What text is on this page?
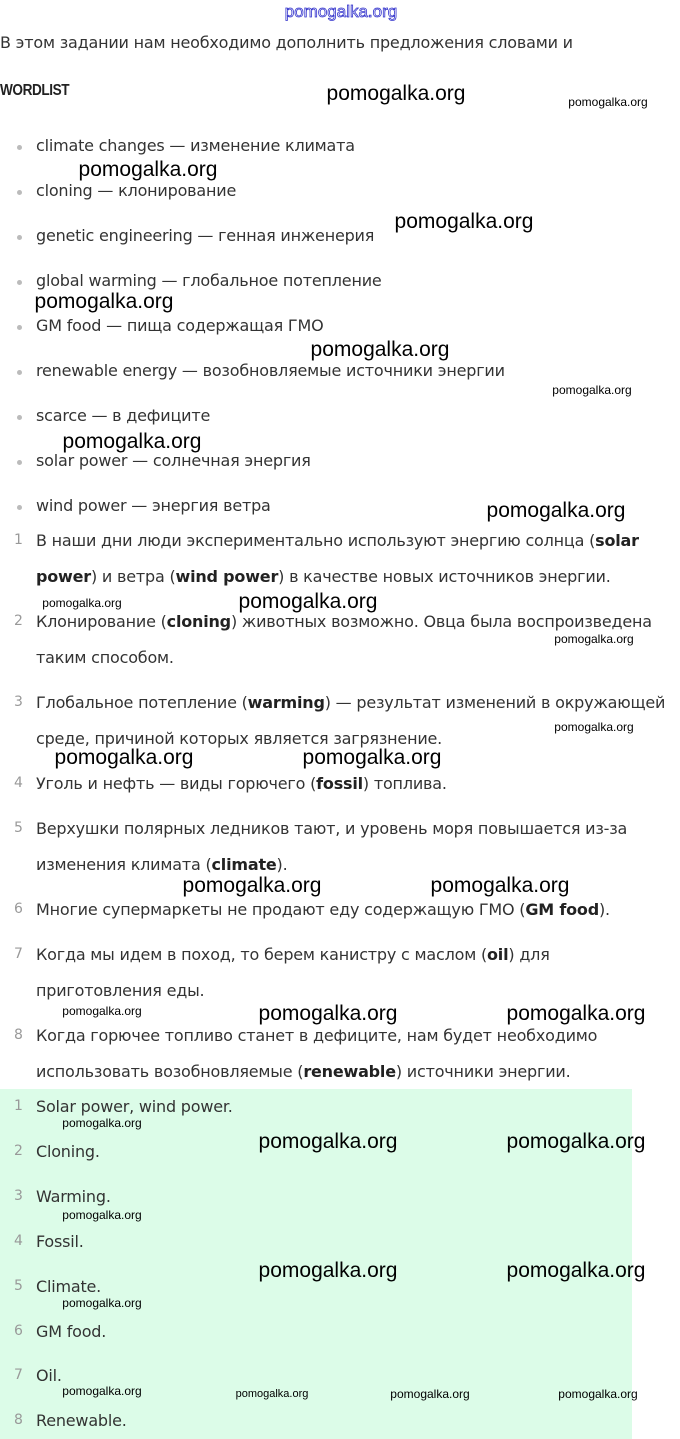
В этом задании нам необходимо дополнить предложения словами и
WORDLIST
climate changes — изменение климата
cloning — клонирование
genetic engineering — генная инженерия
global warming — глобальное потепление
GM food — пища содержащая ГМО
renewable energy — возобновляемые источники энергии
scarce — в дефиците
solar power — солнечная энергия
wind power — энергия ветра
1 В наши дни люди экспериментально используют энергию солнца (solar
power) и ветра (wind power) в качестве новых источников энергии.
2 Клонирование (cloning) животных возможно. Овца была воспроизведена
таким способом.
3 Глобальное потепление (warming) — результат изменений в окружающей
среде, причиной которых является загрязнение.
4 Уголь и нефть — виды горючего (fossil) топлива.
5 Верхушки полярных ледников тают, и уровень моря повышается из-за
изменения климата (climate).
6 Многие супермаркеты не продают еду содержащую ГМО (GM food).
7 Когда мы идем в поход, то берем канистру с маслом (oil) для
приготовления еды.
8 Когда горючее топливо станет в дефиците, нам будет необходимо
использовать возобновляемые (renewable) источники энергии.
1 Solar power, wind power.
2 Cloning.
3 Warming.
4 Fossil.
5 Climate.
6 GM food.
7 Oil.
8 Renewable.
pomogalka.org
pomogalka.org	pomogalka.org
pomogalka.org
pomogalka.org
pomogalka.org
pomogalka.org
pomogalka.org
pomogalka.org
pomogalka.org
pomogalka.org	pomogalka.org
pomogalka.org
pomogalka.org
pomogalka.org	pomogalka.org
pomogalka.org	pomogalka.org
pomogalka.org	pomogalka.org	pomogalka.org
pomogalka.org
pomogalka.org	pomogalka.org
pomogalka.org
pomogalka.org	pomogalka.org
pomogalka.org
pomogalka.org	pomogalka.org	pomogalka.org	pomogalka.org
